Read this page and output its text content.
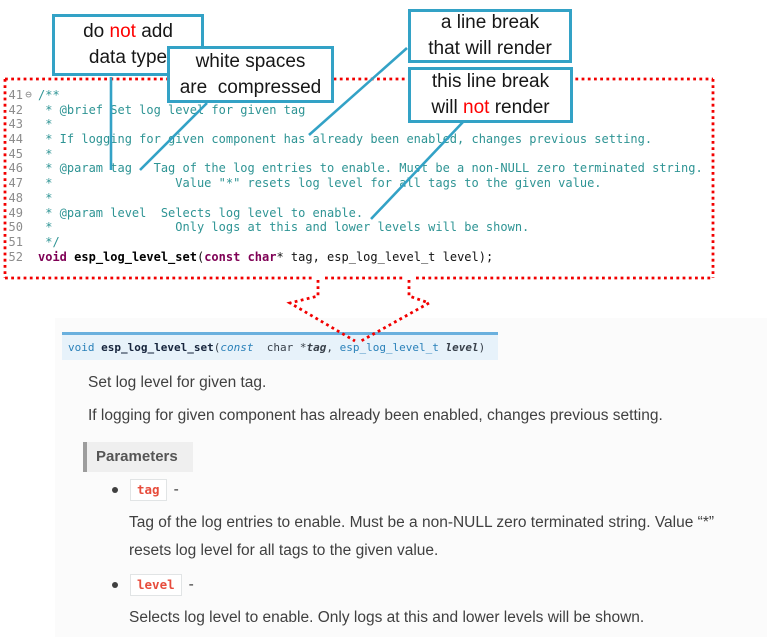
41 ⊖ /**
42 * @brief Set log level for given tag
43 *
44 * If logging for given component has already been enabled, changes previous setting.
45 *
46 * @param tag   Tag of the log entries to enable. Must be a non-NULL zero terminated string.
47 *                 Value "*" resets log level for all tags to the given value.
48 *
49 * @param level  Selects log level to enable.
50 *                 Only logs at this and lower levels will be shown.
51 */
52 void esp_log_level_set(const char* tag, esp_log_level_t level);
void esp_log_level_set(const  char *tag, esp_log_level_t level)
Set log level for given tag.
If logging for given component has already been enabled, changes previous setting.
Parameters
tag -
Tag of the log entries to enable. Must be a non-NULL zero terminated string. Value “*”
resets log level for all tags to the given value.
level -
Selects log level to enable. Only logs at this and lower levels will be shown.
do not add
data type white spaces
are  compressed
a line break
that will render
this line break
will not render
